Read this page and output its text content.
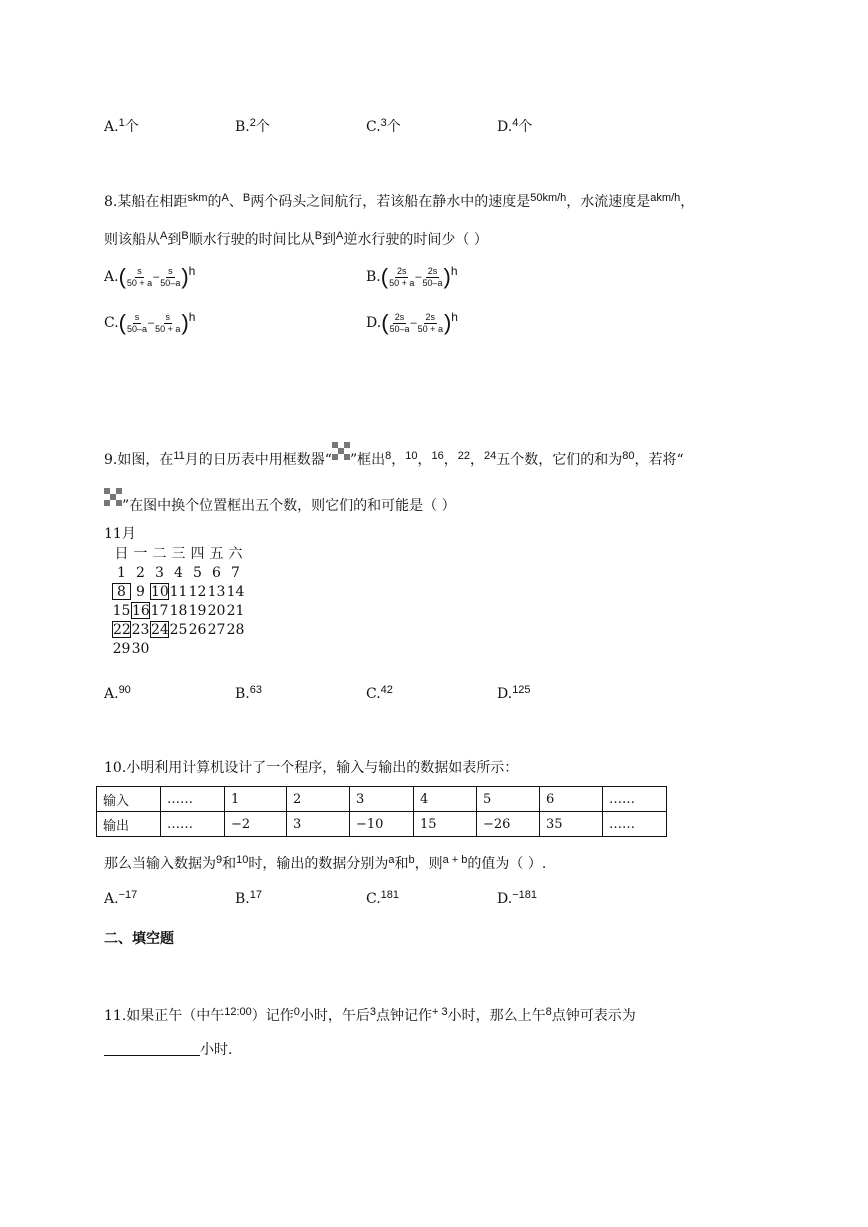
A.$^1$个	B.$^2$个	C.$^3$个	D.$^4$个
8.某船在相距$^{skm}$的$^A$、$^B$两个码头之间航行，若该船在静水中的速度是$^{50km/h}$，水流速度是$^{akm/h}$，
则该船从$^A$到$^B$顺水行驶的时间比从$^B$到$^A$逆水行驶的时间少（ ）
$A.( \frac{s}{50 + a} - \frac{s}{50-a} )h$	$B.( \frac{2s}{50 + a} - \frac{2s}{50-a} )h$
$C.( \frac{s}{50-a} - \frac{s}{50 + a} )h$	$D.( \frac{2s}{50-a} - \frac{2s}{50 + a} )h$
9.如图，在$^{11}$月的日历表中用框数器“ ”框出$^8$，$^{10}$，$^{16}$，$^{22}$，$^{24}$五个数，它们的和为$^{80}$，若将“
”在图中换个位置框出五个数，则它们的和可能是（ ）
11月
日 一 二 三 四 五 六
1 2 3 4 5 6 7
8 9 10 11 12 13 14
15 16 17 18 19 20 21
22 23 24 25 26 27 28
29 30
A.$^{90}$	B.$^{63}$	C.$^{42}$	D.$^{125}$
10.小明利用计算机设计了一个程序，输入与输出的数据如表所示：
输入	……	1	2	3	4	5	6	……
输出	……	−2	3	−10	15	−26	35	……
那么当输入数据为$^9$和$^{10}$时，输出的数据分别为$^a$和$^b$，则$^{a + b}$的值为（ ）.
A.$^{-17}$	B.$^{17}$	C.$^{181}$	D.$^{-181}$
二、填空题
11.如果正午（中午$^{12:00}$）记作$^0$小时，午后$^3$点钟记作$^{+ 3}$小时，那么上午$^8$点钟可表示为
小时.
